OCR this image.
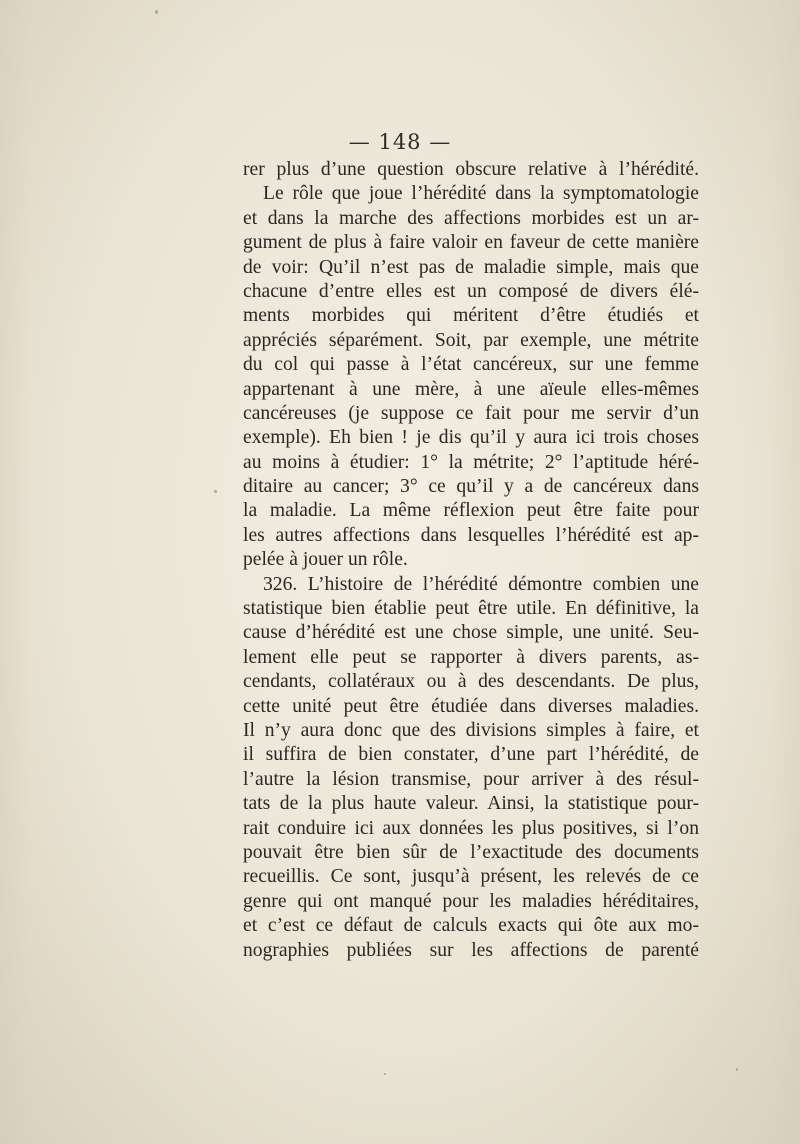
— 148 —
rer plus d’une question obscure relative à l’hérédité.
Le rôle que joue l’hérédité dans la symptomatologie
et dans la marche des affections morbides est un ar-
gument de plus à faire valoir en faveur de cette manière
de voir: Qu’il n’est pas de maladie simple, mais que
chacune d’entre elles est un composé de divers élé-
ments morbides qui méritent d’être étudiés et
appréciés séparément. Soit, par exemple, une métrite
du col qui passe à l’état cancéreux, sur une femme
appartenant à une mère, à une aïeule elles-mêmes
cancéreuses (je suppose ce fait pour me servir d’un
exemple). Eh bien ! je dis qu’il y aura ici trois choses
au moins à étudier: 1° la métrite; 2° l’aptitude héré-
ditaire au cancer; 3° ce qu’il y a de cancéreux dans
la maladie. La même réflexion peut être faite pour
les autres affections dans lesquelles l’hérédité est ap-
pelée à jouer un rôle.
326. L’histoire de l’hérédité démontre combien une
statistique bien établie peut être utile. En définitive, la
cause d’hérédité est une chose simple, une unité. Seu-
lement elle peut se rapporter à divers parents, as-
cendants, collatéraux ou à des descendants. De plus,
cette unité peut être étudiée dans diverses maladies.
Il n’y aura donc que des divisions simples à faire, et
il suffira de bien constater, d’une part l’hérédité, de
l’autre la lésion transmise, pour arriver à des résul-
tats de la plus haute valeur. Ainsi, la statistique pour-
rait conduire ici aux données les plus positives, si l’on
pouvait être bien sûr de l’exactitude des documents
recueillis. Ce sont, jusqu’à présent, les relevés de ce
genre qui ont manqué pour les maladies héréditaires,
et c’est ce défaut de calculs exacts qui ôte aux mo-
nographies publiées sur les affections de parenté
